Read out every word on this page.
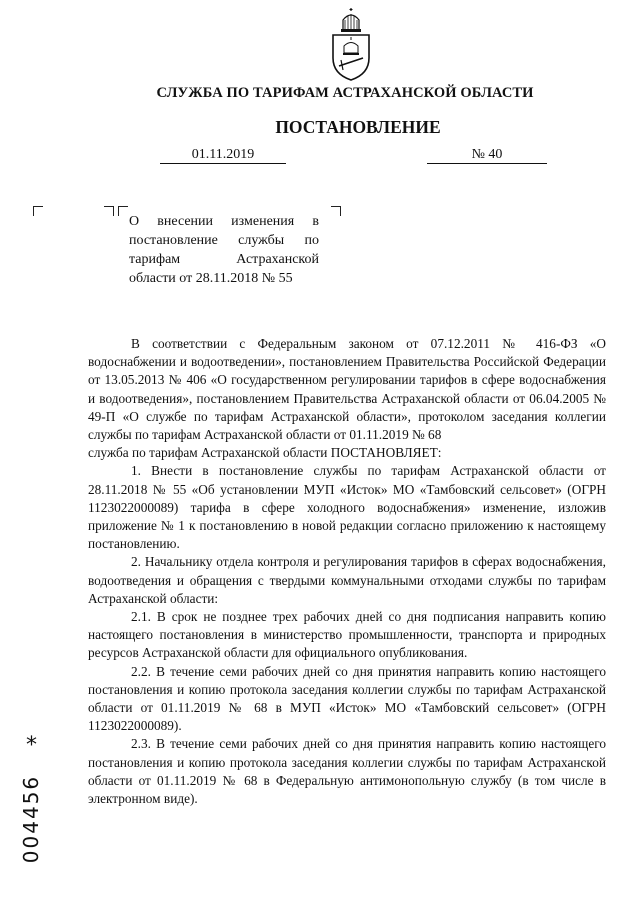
СЛУЖБА ПО ТАРИФАМ АСТРАХАНСКОЙ ОБЛАСТИ
ПОСТАНОВЛЕНИЕ
01.11.2019	№ 40
О внесении изменения в
постановление службы по
тарифам Астраханской
области от 28.11.2018 № 55

В соответствии с Федеральным законом от 07.12.2011 № 416-ФЗ «О водоснабжении и водоотведении», постановлением Правительства Российской Федерации от 13.05.2013 № 406 «О государственном регулировании тарифов в сфере водоснабжения и водоотведения», постановлением Правительства Астраханской области от 06.04.2005 № 49-П «О службе по тарифам Астраханской области», протоколом заседания коллегии службы по тарифам Астраханской области от 01.11.2019 № 68

служба по тарифам Астраханской области ПОСТАНОВЛЯЕТ:

1. Внести в постановление службы по тарифам Астраханской области от 28.11.2018 № 55 «Об установлении МУП «Исток» МО «Тамбовский сельсовет» (ОГРН 1123022000089) тарифа в сфере холодного водоснабжения» изменение, изложив приложение № 1 к постановлению в новой редакции согласно приложению к настоящему постановлению.

2. Начальнику отдела контроля и регулирования тарифов в сферах водоснабжения, водоотведения и обращения с твердыми коммунальными отходами службы по тарифам Астраханской области:

2.1. В срок не позднее трех рабочих дней со дня подписания направить копию настоящего постановления в министерство промышленности, транспорта и природных ресурсов Астраханской области для официального опубликования.

2.2. В течение семи рабочих дней со дня принятия направить копию настоящего постановления и копию протокола заседания коллегии службы по тарифам Астраханской области от 01.11.2019 № 68 в МУП «Исток» МО «Тамбовский сельсовет» (ОГРН 1123022000089).

2.3. В течение семи рабочих дней со дня принятия направить копию настоящего постановления и копию протокола заседания коллегии службы по тарифам Астраханской области от 01.11.2019 № 68 в Федеральную антимонопольную службу (в том числе в электронном виде).

*
004456
